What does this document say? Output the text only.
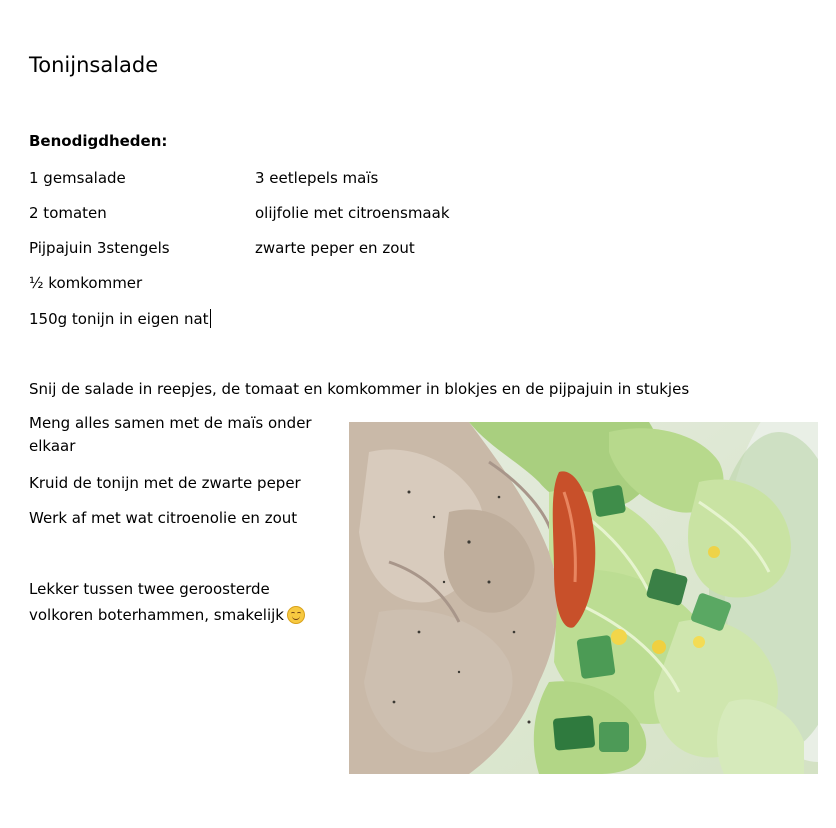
Tonijnsalade
Benodigdheden:
1 gemsalade
2 tomaten
Pijpajuin 3stengels
½ komkommer
150g tonijn in eigen nat
3 eetlepels maïs
olijfolie met citroensmaak
zwarte peper en zout
Snij de salade in reepjes, de tomaat en komkommer in blokjes en de pijpajuin in stukjes
Meng alles samen met de maïs onder elkaar
Kruid de tonijn met de zwarte peper
Werk af met wat citroenolie en zout
Lekker tussen twee geroosterde volkoren boterhammen, smakelijk
